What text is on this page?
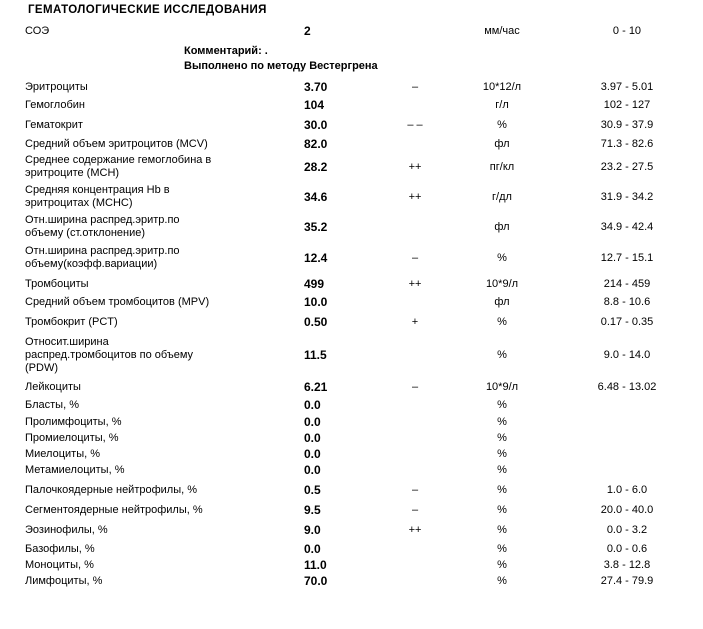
ГЕМАТОЛОГИЧЕСКИЕ ИССЛЕДОВАНИЯ
Комментарий: .
Выполнено по методу Вестергрена
СОЭ	2	мм/час	0 - 10
Эритроциты	3.70	–	10*12/л	3.97 - 5.01
Гемоглобин	104	г/л	102 - 127
Гематокрит	30.0	– –	%	30.9 - 37.9
Средний объем эритроцитов (MCV)	82.0	фл	71.3 - 82.6
Среднее содержание гемоглобина в
эритроците (MCH)	28.2	++	пг/кл	23.2 - 27.5
Средняя концентрация Hb в
эритроцитах (MCHC)	34.6	++	г/дл	31.9 - 34.2
Отн.ширина распред.эритр.по
объему (ст.отклонение)	35.2	фл	34.9 - 42.4
Отн.ширина распред.эритр.по
объему(коэфф.вариации)	12.4	–	%	12.7 - 15.1
Тромбоциты	499	++	10*9/л	214 - 459
Средний объем тромбоцитов (MPV)	10.0	фл	8.8 - 10.6
Тромбокрит (PCT)	0.50	+	%	0.17 - 0.35
Относит.ширина
распред.тромбоцитов по объему
(PDW)
11.5	%	9.0 - 14.0
Лейкоциты	6.21	–	10*9/л	6.48 - 13.02
Бласты, %	0.0	%
Пролимфоциты, %	0.0	%
Промиелоциты, %	0.0	%
Миелоциты, %	0.0	%
Метамиелоциты, %	0.0	%
Палочкоядерные нейтрофилы, %	0.5	–	%	1.0 - 6.0
Сегментоядерные нейтрофилы, %	9.5	–	%	20.0 - 40.0
Эозинофилы, %	9.0	++	%	0.0 - 3.2
Базофилы, %	0.0	%	0.0 - 0.6
Моноциты, %	11.0	%	3.8 - 12.8
Лимфоциты, %	70.0	%	27.4 - 79.9
